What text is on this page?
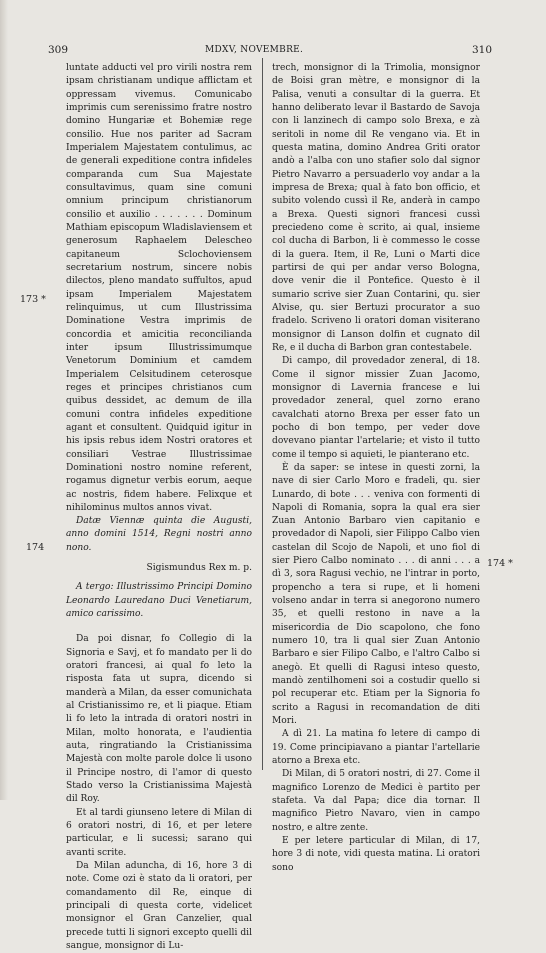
309	MDXV, NOVEMBRE.	310
173 *
174
174 *

luntate adducti vel pro virili nostra rem ipsam christianam undique afflictam et oppressam vivemus. Comunicabo imprimis cum serenissimo fratre nostro domino Hungariæ et Bohemiæ rege consilio. Hue nos pariter ad Sacram Imperialem Majestatem contulimus, ac de generali expeditione contra infideles comparanda cum Sua Majestate consultavimus, quam sine comuni omnium principum christianorum consilio et auxilio . . . . . . . Dominum Mathiam episcopum Wladislaviensem et generosum Raphaelem Delescheo capitaneum Sclochoviensem secretarium nostrum, sincere nobis dilectos, pleno mandato suffultos, apud ipsam Imperialem Majestatem relinquimus, ut cum Illustrissima Dominatione Vestra imprimis de concordia et amicitia reconcilianda inter ipsum Illustrissimumque Venetorum Dominium et camdem Imperialem Celsitudinem ceterosque reges et principes christianos cum quibus dessidet, ac demum de illa comuni contra infideles expeditione agant et consultent. Quidquid igitur in his ipsis rebus idem Nostri oratores et consiliari Vestrae Illustrissimae Dominationi nostro nomine referent, rogamus dignetur verbis eorum, aeque ac nostris, fidem habere. Felixque et nihilominus multos annos vivat.

Datæ Viennæ quinta die Augusti, anno domini 1514, Regni nostri anno nono.

Sigismundus Rex m. p.

A tergo: Illustrissimo Principi Domino Leonardo Lauredano Duci Venetiarum, amico carissimo.

Da poi disnar, fo Collegio di la Signoria e Savj, et fo mandato per li do oratori francesi, ai qual fo leto la risposta fata ut supra, dicendo si manderà a Milan, da esser comunichata al Cristianissimo re, et li piaque. Etiam li fo leto la intrada di oratori nostri in Milan, molto honorata, e l'audientia auta, ringratiando la Cristianissima Majestà con molte parole dolce li usono il Principe nostro, di l'amor di questo Stado verso la Cristianissima Majestà dil Roy.

Et al tardi giunseno letere di Milan di 6 oratori nostri, di 16, et per letere particular, e li sucessi; sarano qui avanti scrite.

Da Milan adunchа, di 16, hore 3 di note. Come ozi è stato da li oratori, per comandamento dil Re, einque di principali di questa corte, videlicet monsignor el Gran Canzelier, qual precede tutti li signori excepto quelli dil sangue, monsignor di Lu-

trech, monsignor di la Trimolia, monsignor de Boisi gran mètre, e monsignor di la Palisa, venuti a consultar di la guerra. Et hanno deliberato levar il Bastardo de Savoja con li lanzinech di campo solo Brexa, e zà seritoli in nome dil Re vengano via. Et in questa matina, domino Andrea Griti orator andò a l'alba con uno stafier solo dal signor Pietro Navarro a persuaderlo voy andar a la impresa de Brexa; qual à fato bon officio, et subito volendo cussì il Re, anderà in campo a Brexa. Questi signori francesi cussì preciedeno come è scrito, ai qual, insieme col ducha di Barbon, li è commesso le cosse di la guera. Item, il Re, Luni o Marti dice partirsi de qui per andar verso Bologna, dove venir die il Pontefice. Questo è il sumario scrive sier Zuan Contarini, qu. sier Alvise, qu. sier Bertuzi procurator a suo fradelo. Scriveno li oratori doman visiterano monsignor di Lanson dolfin et cugnato dil Re, e il ducha di Barbon gran contestabele.

Di campo, dil provedador zeneral, di 18. Come il signor missier Zuan Jacomo, monsignor di Lavernia francese e lui provedador zeneral, quel zorno erano cavalchati atorno Brexa per esser fato un pocho di bon tempo, per veder dove dovevano piantar l'artelarie; et visto il tutto come il tempo si aquieti, le pianterano etc.

È da saper: se intese in questi zorni, la nave di sier Carlo Moro e fradeli, qu. sier Lunardo, di bote . . . veniva con formenti di Napoli di Romania, sopra la qual era sier Zuan Antonio Barbaro vien capitanio e provedador di Napoli, sier Filippo Calbo vien castelan dil Scojo de Napoli, et uno fiol di sier Piero Calbo nominato . . . di anni . . . a dì 3, sora Ragusi vechio, ne l'intrar in porto, propencho a tera si rupe, et li homeni volseno andar in terra si anegorono numero 35, et quelli restono in nave a la misericordia de Dio scapolono, che fono numero 10, tra li qual sier Zuan Antonio Barbaro e sier Filipo Calbo, e l'altro Calbo si anegò. Et quelli di Ragusi inteso questo, mandò zentilhomeni soi a costudir quello si pol recuperar etc. Etiam per la Signoria fo scrito a Ragusi in recomandation de diti Mori.

A dì 21. La matina fo letere di campo di 19. Come principiavano a piantar l'artellarie atorno a Brexa etc.

Di Milan, di 5 oratori nostri, di 27. Come il magnifico Lorenzo de Medici è partito per stafeta. Va dal Papa; dice dia tornar. Il magnifico Pietro Navaro, vien in campo nostro, e altre zente.

E per letere particular di Milan, di 17, hore 3 di note, vidi questa matina. Li oratori sono
